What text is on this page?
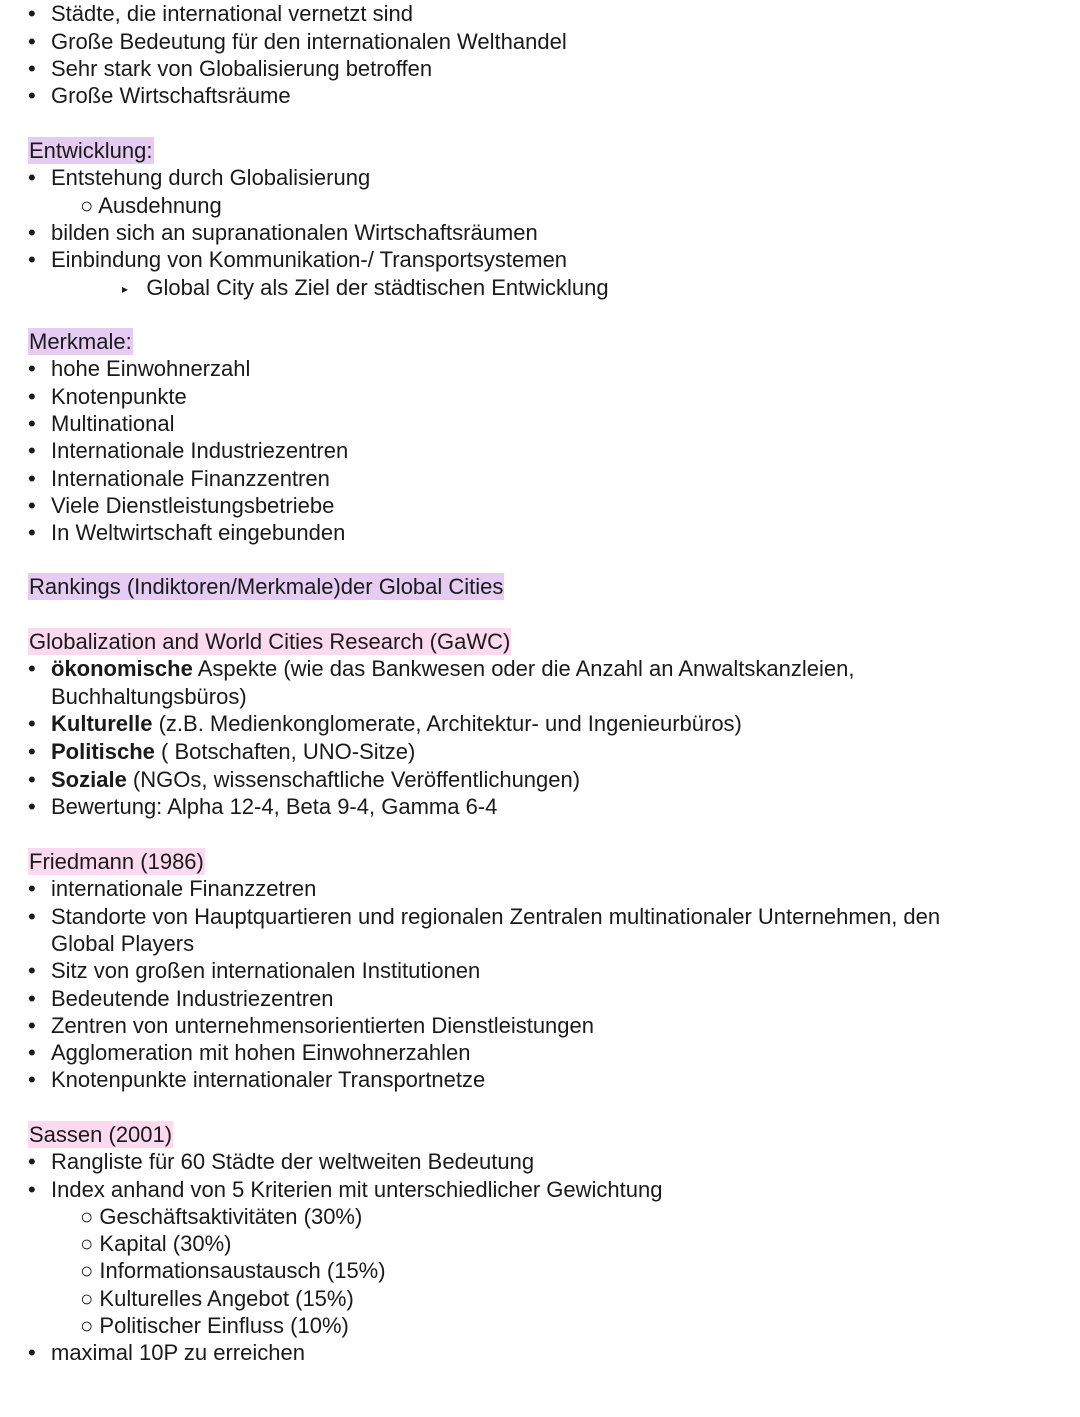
Städte, die international vernetzt sind
Große Bedeutung für den internationalen Welthandel
Sehr stark von Globalisierung betroffen
Große Wirtschaftsräume
Entwicklung:
Entstehung durch Globalisierung
○ Ausdehnung
bilden sich an supranationalen Wirtschaftsräumen
Einbindung von Kommunikation-/ Transportsystemen
▸ Global City als Ziel der städtischen Entwicklung
Merkmale:
hohe Einwohnerzahl
Knotenpunkte
Multinational
Internationale Industriezentren
Internationale Finanzzentren
Viele Dienstleistungsbetriebe
In Weltwirtschaft eingebunden
Rankings (Indiktoren/Merkmale)der Global Cities
Globalization and World Cities Research (GaWC)
ökonomische Aspekte (wie das Bankwesen oder die Anzahl an Anwaltskanzleien,
Buchhaltungsbüros)
Kulturelle (z.B. Medienkonglomerate, Architektur- und Ingenieurbüros)
Politische ( Botschaften, UNO-Sitze)
Soziale (NGOs, wissenschaftliche Veröffentlichungen)
Bewertung: Alpha 12-4, Beta 9-4, Gamma 6-4
Friedmann (1986)
internationale Finanzzetren
Standorte von Hauptquartieren und regionalen Zentralen multinationaler Unternehmen, den
Global Players
Sitz von großen internationalen Institutionen
Bedeutende Industriezentren
Zentren von unternehmensorientierten Dienstleistungen
Agglomeration mit hohen Einwohnerzahlen
Knotenpunkte internationaler Transportnetze
Sassen (2001)
Rangliste für 60 Städte der weltweiten Bedeutung
Index anhand von 5 Kriterien mit unterschiedlicher Gewichtung
○ Geschäftsaktivitäten (30%)
○ Kapital (30%)
○ Informationsaustausch (15%)
○ Kulturelles Angebot (15%)
○ Politischer Einfluss (10%)
maximal 10P zu erreichen
